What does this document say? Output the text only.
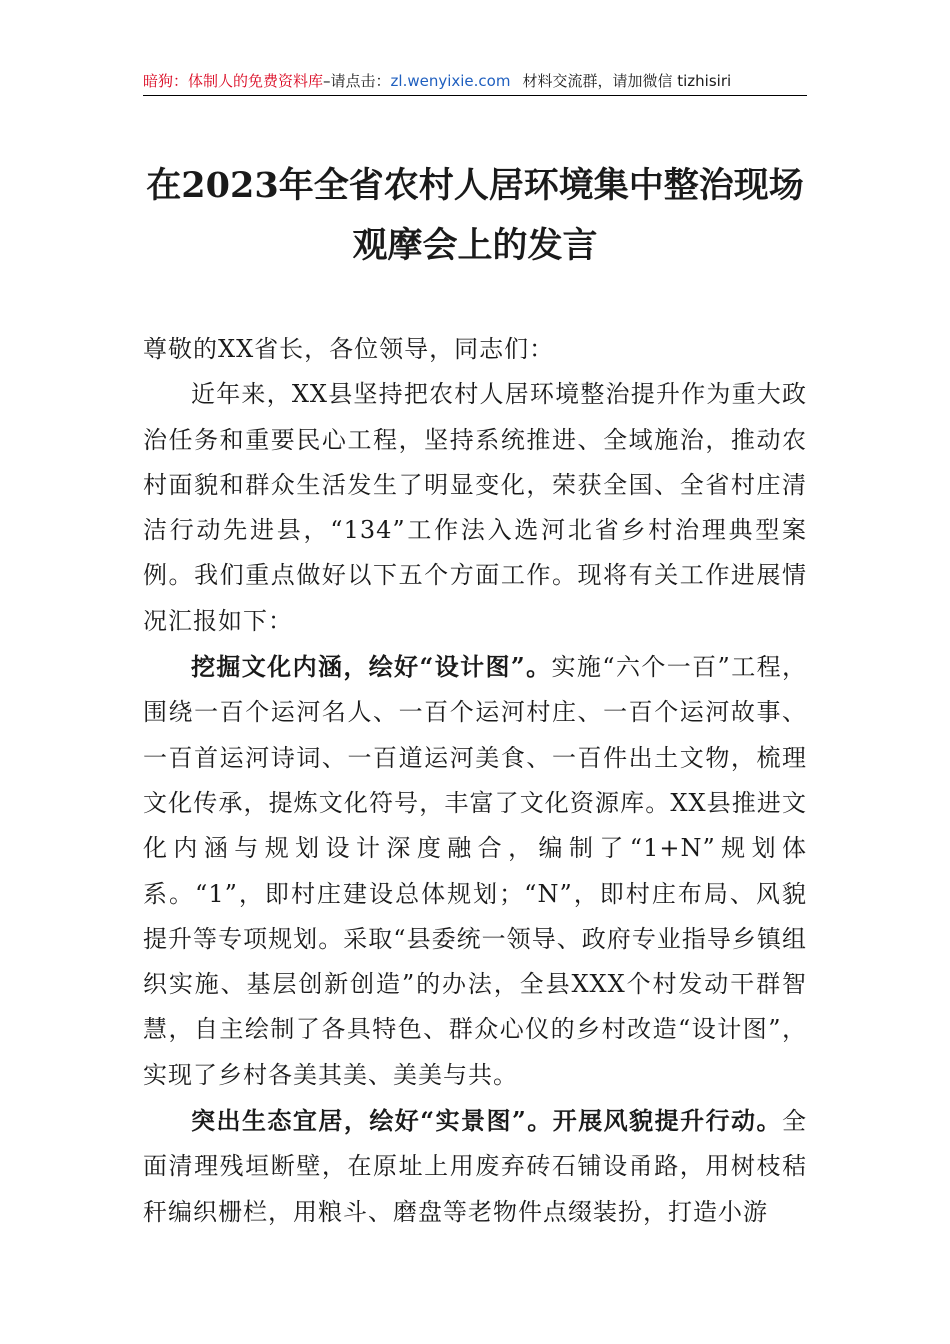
暗狗：体制人的免费资料库–请点击：zl.wenyixie.com 材料交流群，请加微信 tizhisiri
在2023年全省农村人居环境集中整治现场
观摩会上的发言

尊敬的XX省长，各位领导，同志们：

近年来，XX县坚持把农村人居环境整治提升作为重大政治任务和重要民心工程，坚持系统推进、全域施治，推动农村面貌和群众生活发生了明显变化，荣获全国、全省村庄清洁行动先进县，“134”工作法入选河北省乡村治理典型案例。我们重点做好以下五个方面工作。现将有关工作进展情况汇报如下：

挖掘文化内涵，绘好“设计图”。实施“六个一百”工程，围绕一百个运河名人、一百个运河村庄、一百个运河故事、一百首运河诗词、一百道运河美食、一百件出土文物，梳理文化传承，提炼文化符号，丰富了文化资源库。XX县推进文化内涵与规划设计深度融合，编制了“1+N”规划体系。“1”，即村庄建设总体规划；“N”，即村庄布局、风貌提升等专项规划。采取“县委统一领导、政府专业指导乡镇组织实施、基层创新创造”的办法，全县XXX个村发动干群智慧，自主绘制了各具特色、群众心仪的乡村改造“设计图”，实现了乡村各美其美、美美与共。

突出生态宜居，绘好“实景图”。开展风貌提升行动。全面清理残垣断壁，在原址上用废弃砖石铺设甬路，用树枝秸秆编织栅栏，用粮斗、磨盘等老物件点缀装扮，打造小游
